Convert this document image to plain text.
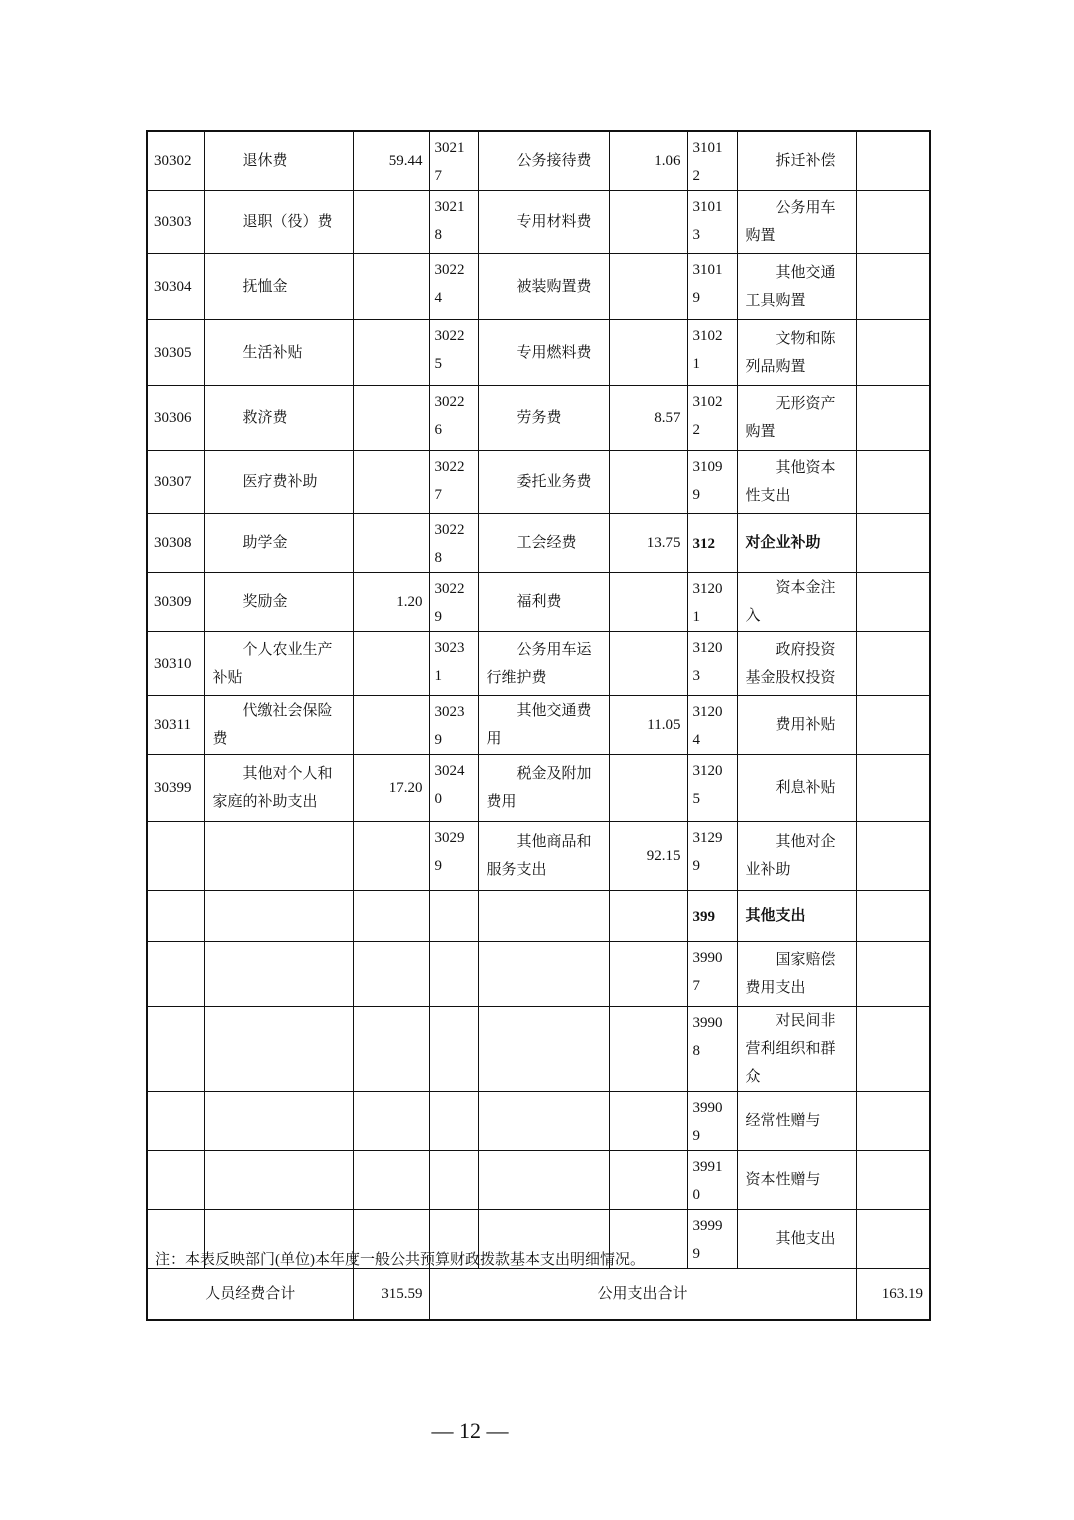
30302	退休费	59.44	30217	公务接待费	1.06	31012	拆迁补偿	

30303	退职（役）费		30218	专用材料费		31013	公务用车购置	

30304	抚恤金		30224	被装购置费		31019	其他交通工具购置	

30305	生活补贴		30225	专用燃料费		31021	文物和陈列品购置	

30306	救济费		30226	劳务费	8.57	31022	无形资产购置	

30307	医疗费补助		30227	委托业务费		31099	其他资本性支出	

30308	助学金		30228	工会经费	13.75	312	对企业补助	

30309	奖励金	1.20	30229	福利费		31201	资本金注入	

30310	个人农业生产补贴		30231	公务用车运行维护费		31203	政府投资基金股权投资	

30311	代缴社会保险费		30239	其他交通费用	11.05	31204	费用补贴	

30399	其他对个人和家庭的补助支出	17.20	30240	税金及附加费用		31205	利息补贴	

			30299	其他商品和服务支出	92.15	31299	其他对企业补助	

						399	其他支出	

						39907	国家赔偿费用支出	

						39908	对民间非营利组织和群众	

						39909	经常性赠与	

						39910	资本性赠与	

						39999	其他支出	

人员经费合计		315.59	公用支出合计					163.19
注：本表反映部门(单位)本年度一般公共预算财政拨款基本支出明细情况。
— 12 —
